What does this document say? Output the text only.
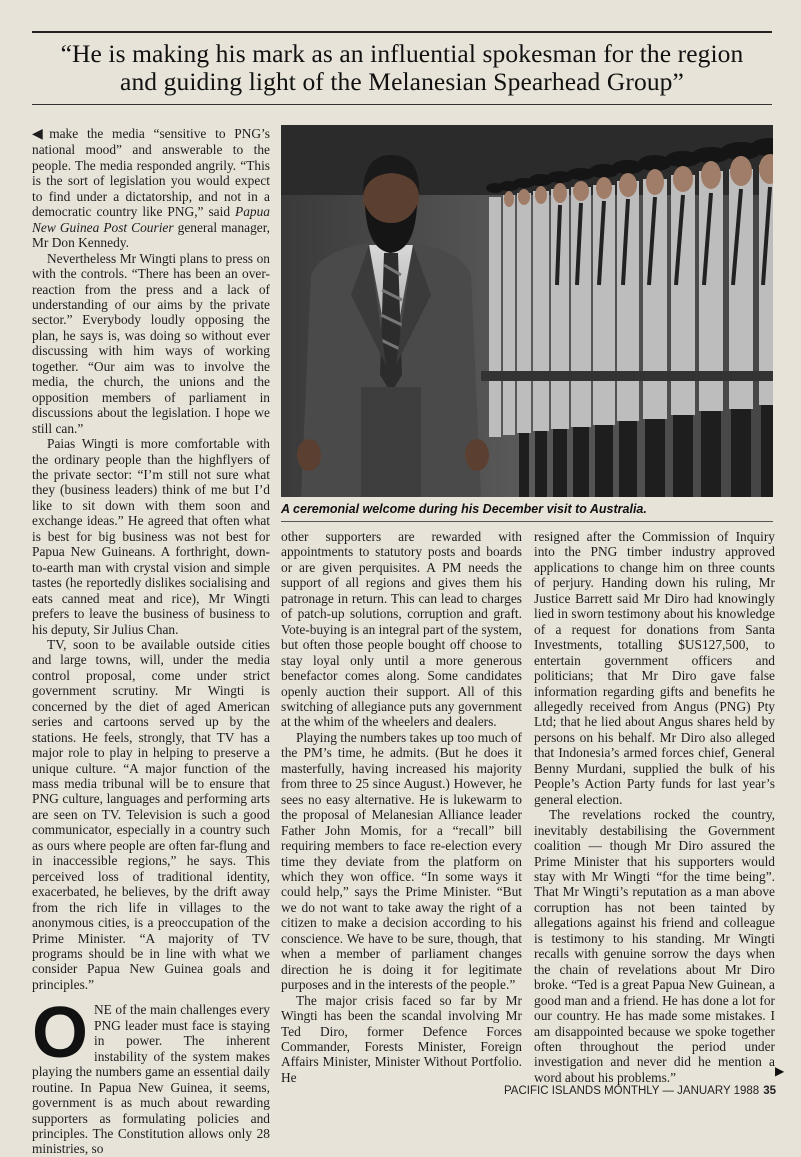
“He is making his mark as an influential spokesman for the region
and guiding light of the Melanesian Spearhead Group”

◀make the media “sensitive to PNG’s national mood” and answerable to the people. The media responded angrily. “This is the sort of legislation you would expect to find under a dictatorship, and not in a democratic country like PNG,” said Papua New Guinea Post Courier general manager, Mr Don Kennedy.

Nevertheless Mr Wingti plans to press on with the controls. “There has been an over-reaction from the press and a lack of understanding of our aims by the private sector.” Everybody loudly opposing the plan, he says is, was doing so without ever discussing with him ways of working together. “Our aim was to involve the media, the church, the unions and the opposition members of parliament in discussions about the legislation. I hope we still can.”

Paias Wingti is more comfortable with the ordinary people than the highflyers of the private sector: “I’m still not sure what they (business leaders) think of me but I’d like to sit down with them soon and exchange ideas.” He agreed that often what is best for big business was not best for Papua New Guineans. A forthright, down-to-earth man with crystal vision and simple tastes (he reportedly dislikes socialising and eats canned meat and rice), Mr Wingti prefers to leave the business of business to his deputy, Sir Julius Chan.

TV, soon to be available outside cities and large towns, will, under the media control proposal, come under strict government scrutiny. Mr Wingti is concerned by the diet of aged American series and cartoons served up by the stations. He feels, strongly, that TV has a major role to play in helping to preserve a unique culture. “A major function of the mass media tribunal will be to ensure that PNG culture, languages and performing arts are seen on TV. Television is such a good communicator, especially in a country such as ours where people are often far-flung and in inaccessible regions,” he says. This perceived loss of traditional identity, exacerbated, he believes, by the drift away from the rich life in villages to the anonymous cities, is a preoccupation of the Prime Minister. “A majority of TV programs should be in line with what we consider Papua New Guinea goals and principles.”

ONE of the main challenges every PNG leader must face is staying in power. The inherent instability of the system makes playing the numbers game an essential daily routine. In Papua New Guinea, it seems, government is as much about rewarding supporters as formulating policies and principles. The Constitution allows only 28 ministries, so

A ceremonial welcome during his December visit to Australia.

other supporters are rewarded with appointments to statutory posts and boards or are given perquisites. A PM needs the support of all regions and gives them his patronage in return. This can lead to charges of patch-up solutions, corruption and graft. Vote-buying is an integral part of the system, but often those people bought off choose to stay loyal only until a more generous benefactor comes along. Some candidates openly auction their support. All of this switching of allegiance puts any government at the whim of the wheelers and dealers.

Playing the numbers takes up too much of the PM’s time, he admits. (But he does it masterfully, having increased his majority from three to 25 since August.) However, he sees no easy alternative. He is lukewarm to the proposal of Melanesian Alliance leader Father John Momis, for a “recall” bill requiring members to face re-election every time they deviate from the platform on which they won office. “In some ways it could help,” says the Prime Minister. “But we do not want to take away the right of a citizen to make a decision according to his conscience. We have to be sure, though, that when a member of parliament changes direction he is doing it for legitimate purposes and in the interests of the people.”

The major crisis faced so far by Mr Wingti has been the scandal involving Mr Ted Diro, former Defence Forces Commander, Forests Minister, Foreign Affairs Minister, Minister Without Portfolio. He

resigned after the Commission of Inquiry into the PNG timber industry approved applications to change him on three counts of perjury. Handing down his ruling, Mr Justice Barrett said Mr Diro had knowingly lied in sworn testimony about his knowledge of a request for donations from Santa Investments, totalling $US127,500, to entertain government officers and politicians; that Mr Diro gave false information regarding gifts and benefits he allegedly received from Angus (PNG) Pty Ltd; that he lied about Angus shares held by persons on his behalf. Mr Diro also alleged that Indonesia’s armed forces chief, General Benny Murdani, supplied the bulk of his People’s Action Party funds for last year’s general election.

The revelations rocked the country, inevitably destabilising the Government coalition — though Mr Diro assured the Prime Minister that his supporters would stay with Mr Wingti “for the time being”. That Mr Wingti’s reputation as a man above corruption has not been tainted by allegations against his friend and colleague is testimony to his standing. Mr Wingti recalls with genuine sorrow the days when the chain of revelations about Mr Diro broke. “Ted is a great Papua New Guinean, a good man and a friend. He has done a lot for our country. He has made some mistakes. I am disappointed because we spoke together often throughout the period under investigation and never did he mention a word about his problems.”	▶
PACIFIC ISLANDS MONTHLY — JANUARY 1988 35
